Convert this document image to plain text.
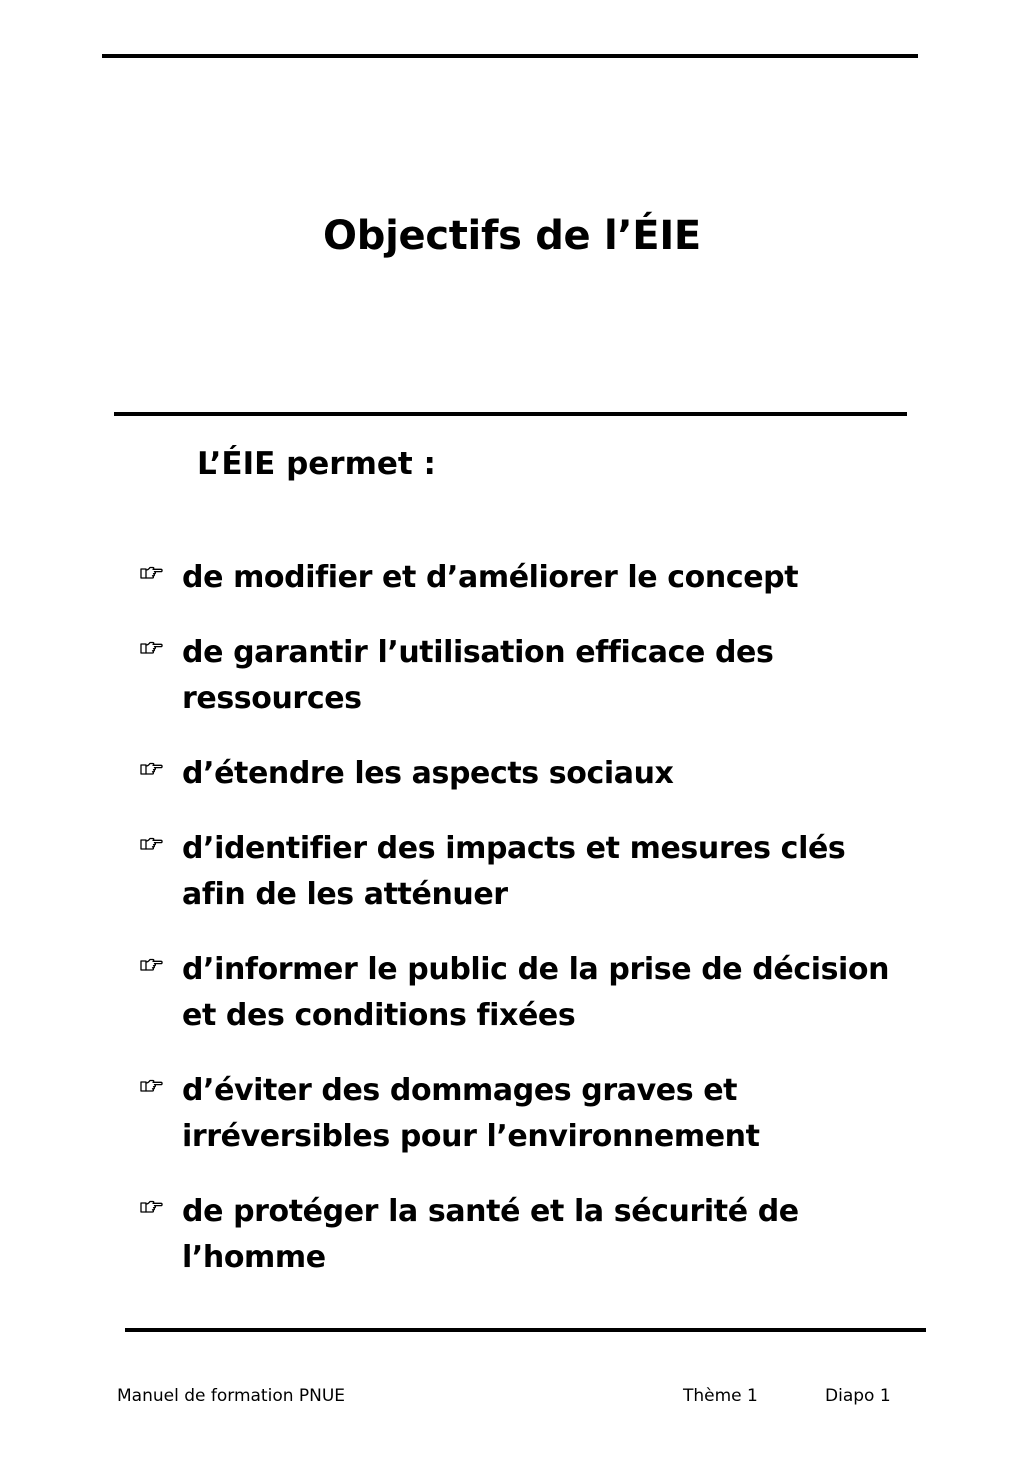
Objectifs de l’ÉIE
L’ÉIE permet :
de modifier et d’améliorer le concept
de garantir l’utilisation efficace des ressources
d’étendre les aspects sociaux
d’identifier des impacts et mesures clés afin de les atténuer
d’informer le public de la prise de décision et des conditions fixées
d’éviter des dommages graves et irréversibles pour l’environnement
de protéger la santé et la sécurité de l’homme
Manuel de formation PNUE	Thème 1	Diapo 1
